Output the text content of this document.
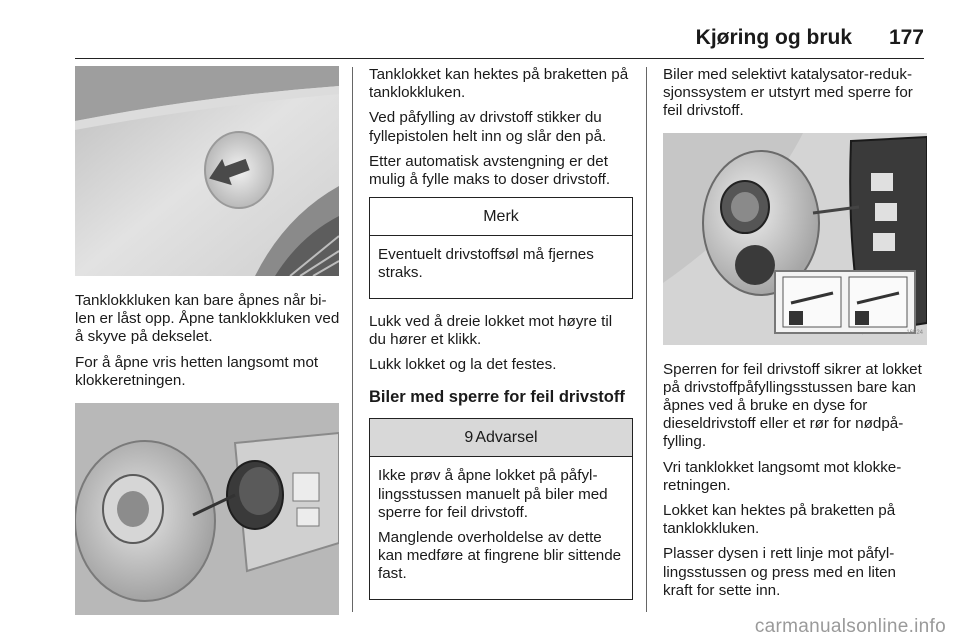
Kjøring og bruk 177

Tanklokkluken kan bare åpnes når bilen er låst opp. Åpne tanklokkluken ved å skyve på dekselet.

For å åpne vris hetten langsomt mot klokkeretningen.

Tanklokket kan hektes på braketten på tanklokkluken.

Ved påfylling av drivstoff stikker du fyllepistolen helt inn og slår den på.

Etter automatisk avstengning er det mulig å fylle maks to doser drivstoff.

Merk

Eventuelt drivstoffsøl må fjernes straks.

Lukk ved å dreie lokket mot høyre til du hører et klikk.

Lukk lokket og la det festes.

Biler med sperre for feil drivstoff
9 Advarsel

Ikke prøv å åpne lokket på påfyllingsstussen manuelt på biler med sperre for feil drivstoff.

Manglende overholdelse av dette kan medføre at fingrene blir sittende fast.

Biler med selektivt katalysator-reduksjonssystem er utstyrt med sperre for feil drivstoff.

16524

Sperren for feil drivstoff sikrer at lokket på drivstoffpåfyllingsstussen bare kan åpnes ved å bruke en dyse for dieseldrivstoff eller et rør for nødpåfylling.

Vri tanklokket langsomt mot klokkeretningen.

Lokket kan hektes på braketten på tanklokkluken.

Plasser dysen i rett linje mot påfyllingsstussen og press med en liten kraft for sette inn.

carmanualsonline.info
